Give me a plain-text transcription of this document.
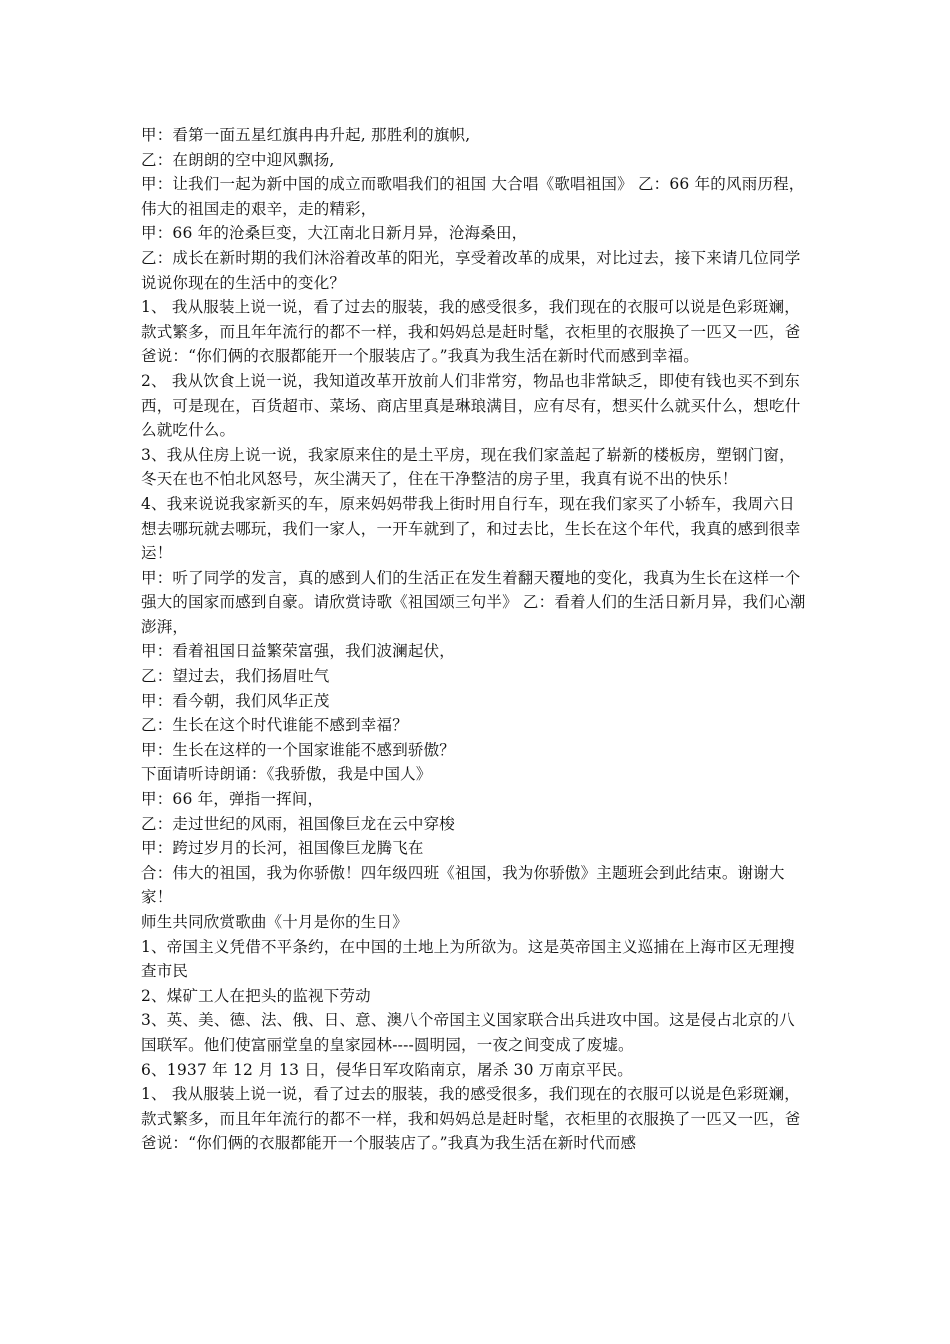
甲：看第一面五星红旗冉冉升起, 那胜利的旗帜,

乙：在朗朗的空中迎风飘扬,

甲：让我们一起为新中国的成立而歌唱我们的祖国 大合唱《歌唱祖国》 乙：66 年的风雨历程，伟大的祖国走的艰辛，走的精彩，

甲：66 年的沧桑巨变，大江南北日新月异，沧海桑田，

乙：成长在新时期的我们沐浴着改革的阳光，享受着改革的成果，对比过去，接下来请几位同学说说你现在的生活中的变化？

1、 我从服装上说一说，看了过去的服装，我的感受很多，我们现在的衣服可以说是色彩斑斓，款式繁多，而且年年流行的都不一样，我和妈妈总是赶时髦，衣柜里的衣服换了一匹又一匹，爸爸说：“你们俩的衣服都能开一个服装店了。”我真为我生活在新时代而感到幸福。

2、 我从饮食上说一说，我知道改革开放前人们非常穷，物品也非常缺乏，即使有钱也买不到东西，可是现在，百货超市、菜场、商店里真是琳琅满目，应有尽有，想买什么就买什么，想吃什么就吃什么。

3、我从住房上说一说，我家原来住的是土平房，现在我们家盖起了崭新的楼板房，塑钢门窗，冬天在也不怕北风怒号，灰尘满天了，住在干净整洁的房子里，我真有说不出的快乐！

4、我来说说我家新买的车，原来妈妈带我上街时用自行车，现在我们家买了小轿车，我周六日想去哪玩就去哪玩，我们一家人，一开车就到了，和过去比，生长在这个年代，我真的感到很幸运！

甲：听了同学的发言，真的感到人们的生活正在发生着翻天覆地的变化，我真为生长在这样一个强大的国家而感到自豪。请欣赏诗歌《祖国颂三句半》 乙：看着人们的生活日新月异，我们心潮澎湃，

甲：看着祖国日益繁荣富强，我们波澜起伏，

乙：望过去，我们扬眉吐气

甲：看今朝，我们风华正茂

乙：生长在这个时代谁能不感到幸福？

甲：生长在这样的一个国家谁能不感到骄傲？

下面请听诗朗诵：《我骄傲，我是中国人》

甲：66 年，弹指一挥间，

乙：走过世纪的风雨，祖国像巨龙在云中穿梭

甲：跨过岁月的长河，祖国像巨龙腾飞在

合：伟大的祖国，我为你骄傲！四年级四班《祖国，我为你骄傲》主题班会到此结束。谢谢大家！

师生共同欣赏歌曲《十月是你的生日》

1、帝国主义凭借不平条约，在中国的土地上为所欲为。这是英帝国主义巡捕在上海市区无理搜查市民

2、煤矿工人在把头的监视下劳动

3、英、美、德、法、俄、日、意、澳八个帝国主义国家联合出兵进攻中国。这是侵占北京的八国联军。他们使富丽堂皇的皇家园林----圆明园，一夜之间变成了废墟。

6、1937 年 12 月 13 日，侵华日军攻陷南京，屠杀 30 万南京平民。

1、 我从服装上说一说，看了过去的服装，我的感受很多，我们现在的衣服可以说是色彩斑斓，款式繁多，而且年年流行的都不一样，我和妈妈总是赶时髦，衣柜里的衣服换了一匹又一匹，爸爸说：“你们俩的衣服都能开一个服装店了。”我真为我生活在新时代而感
